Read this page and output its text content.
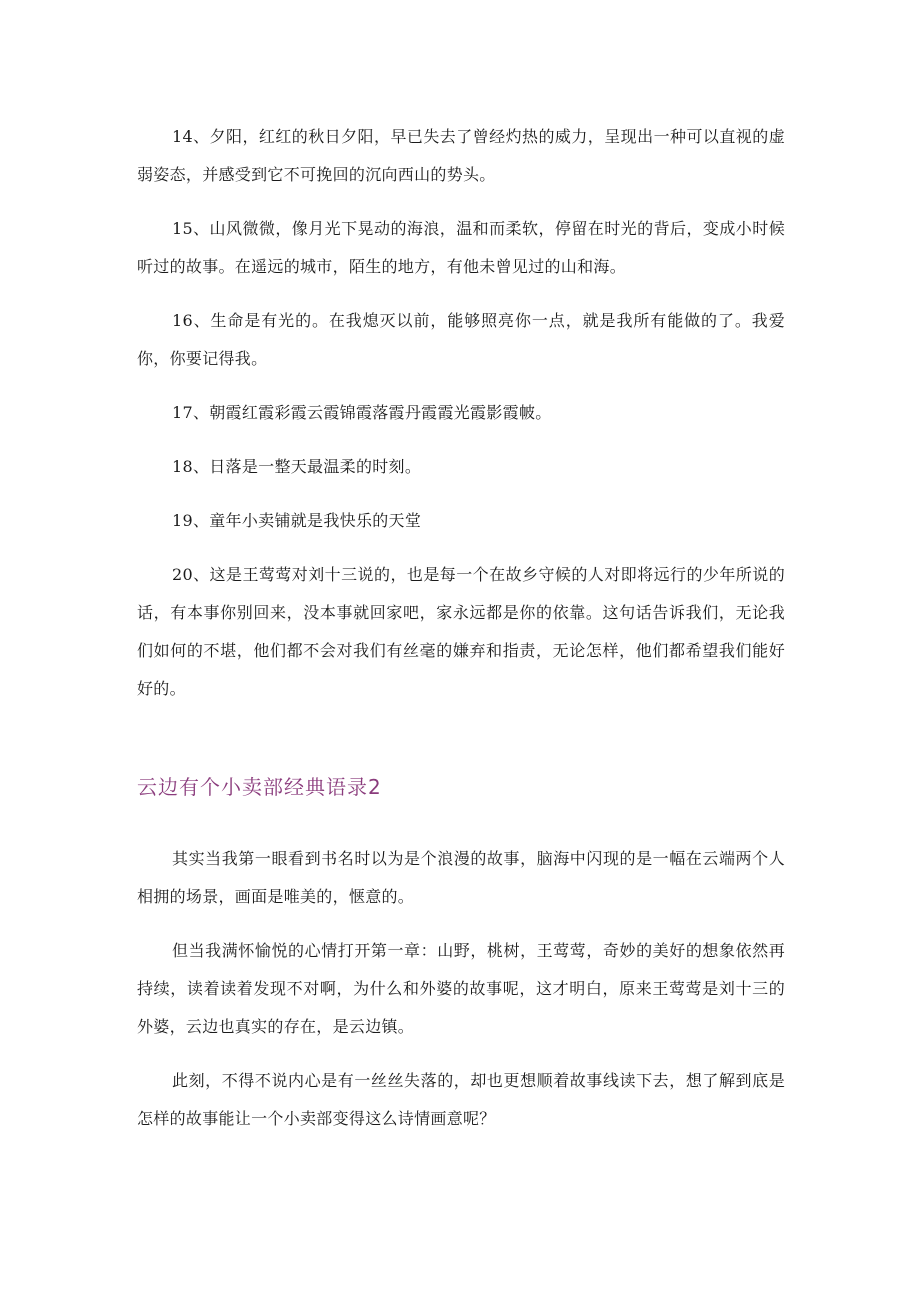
14、夕阳，红红的秋日夕阳，早已失去了曾经灼热的威力，呈现出一种可以直视的虚弱姿态，并感受到它不可挽回的沉向西山的势头。

15、山风微微，像月光下晃动的海浪，温和而柔软，停留在时光的背后，变成小时候听过的故事。在遥远的城市，陌生的地方，有他未曾见过的山和海。

16、生命是有光的。在我熄灭以前，能够照亮你一点，就是我所有能做的了。我爱你，你要记得我。

17、朝霞红霞彩霞云霞锦霞落霞丹霞霞光霞影霞帔。

18、日落是一整天最温柔的时刻。

19、童年小卖铺就是我快乐的天堂

20、这是王莺莺对刘十三说的，也是每一个在故乡守候的人对即将远行的少年所说的话，有本事你别回来，没本事就回家吧，家永远都是你的依靠。这句话告诉我们，无论我们如何的不堪，他们都不会对我们有丝毫的嫌弃和指责，无论怎样，他们都希望我们能好好的。

云边有个小卖部经典语录2

其实当我第一眼看到书名时以为是个浪漫的故事，脑海中闪现的是一幅在云端两个人相拥的场景，画面是唯美的，惬意的。

但当我满怀愉悦的心情打开第一章：山野，桃树，王莺莺，奇妙的美好的想象依然再持续，读着读着发现不对啊，为什么和外婆的故事呢，这才明白，原来王莺莺是刘十三的外婆，云边也真实的存在，是云边镇。

此刻，不得不说内心是有一丝丝失落的，却也更想顺着故事线读下去，想了解到底是怎样的故事能让一个小卖部变得这么诗情画意呢？
